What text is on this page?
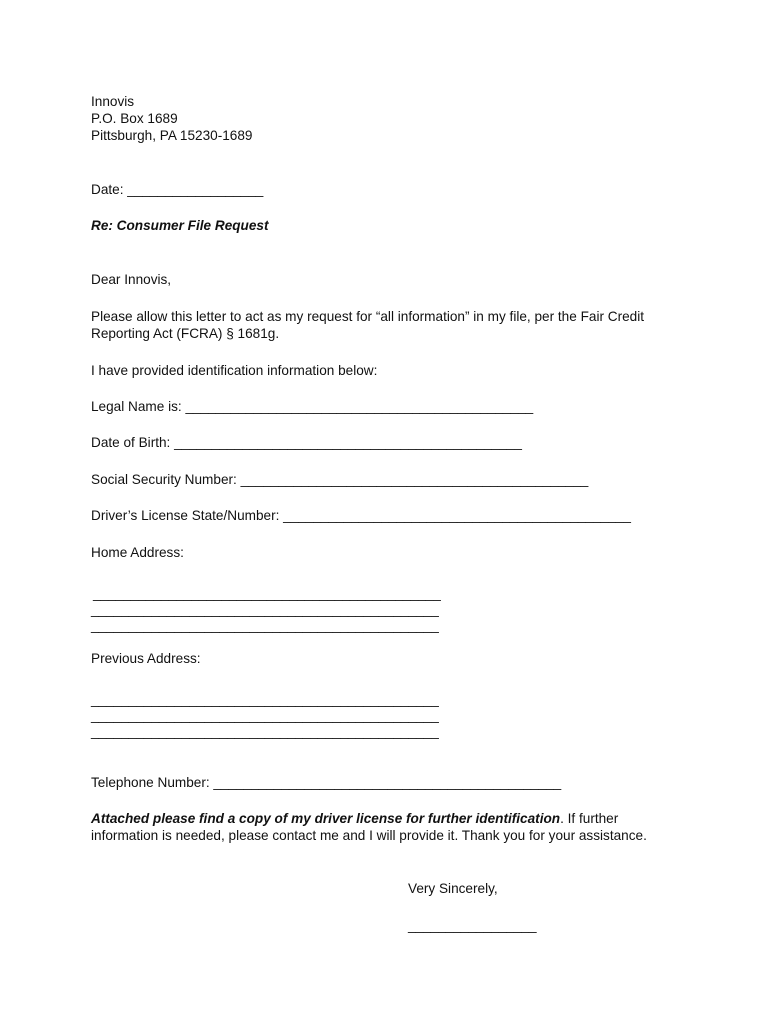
Innovis
P.O. Box 1689
Pittsburgh, PA 15230-1689
Date: __________________
Re: Consumer File Request
Dear Innovis,
Please allow this letter to act as my request for “all information” in my file, per the Fair Credit Reporting Act (FCRA) § 1681g.
I have provided identification information below:
Legal Name is: ______________________________________________
Date of Birth: ______________________________________________
Social Security Number: ______________________________________________
Driver’s License State/Number: ______________________________________________
Home Address:
______________________________________________
______________________________________________
______________________________________________
Previous Address:
______________________________________________
______________________________________________
______________________________________________
Telephone Number: ______________________________________________
Attached please find a copy of my driver license for further identification. If further information is needed, please contact me and I will provide it. Thank you for your assistance.
Very Sincerely,
_________________
